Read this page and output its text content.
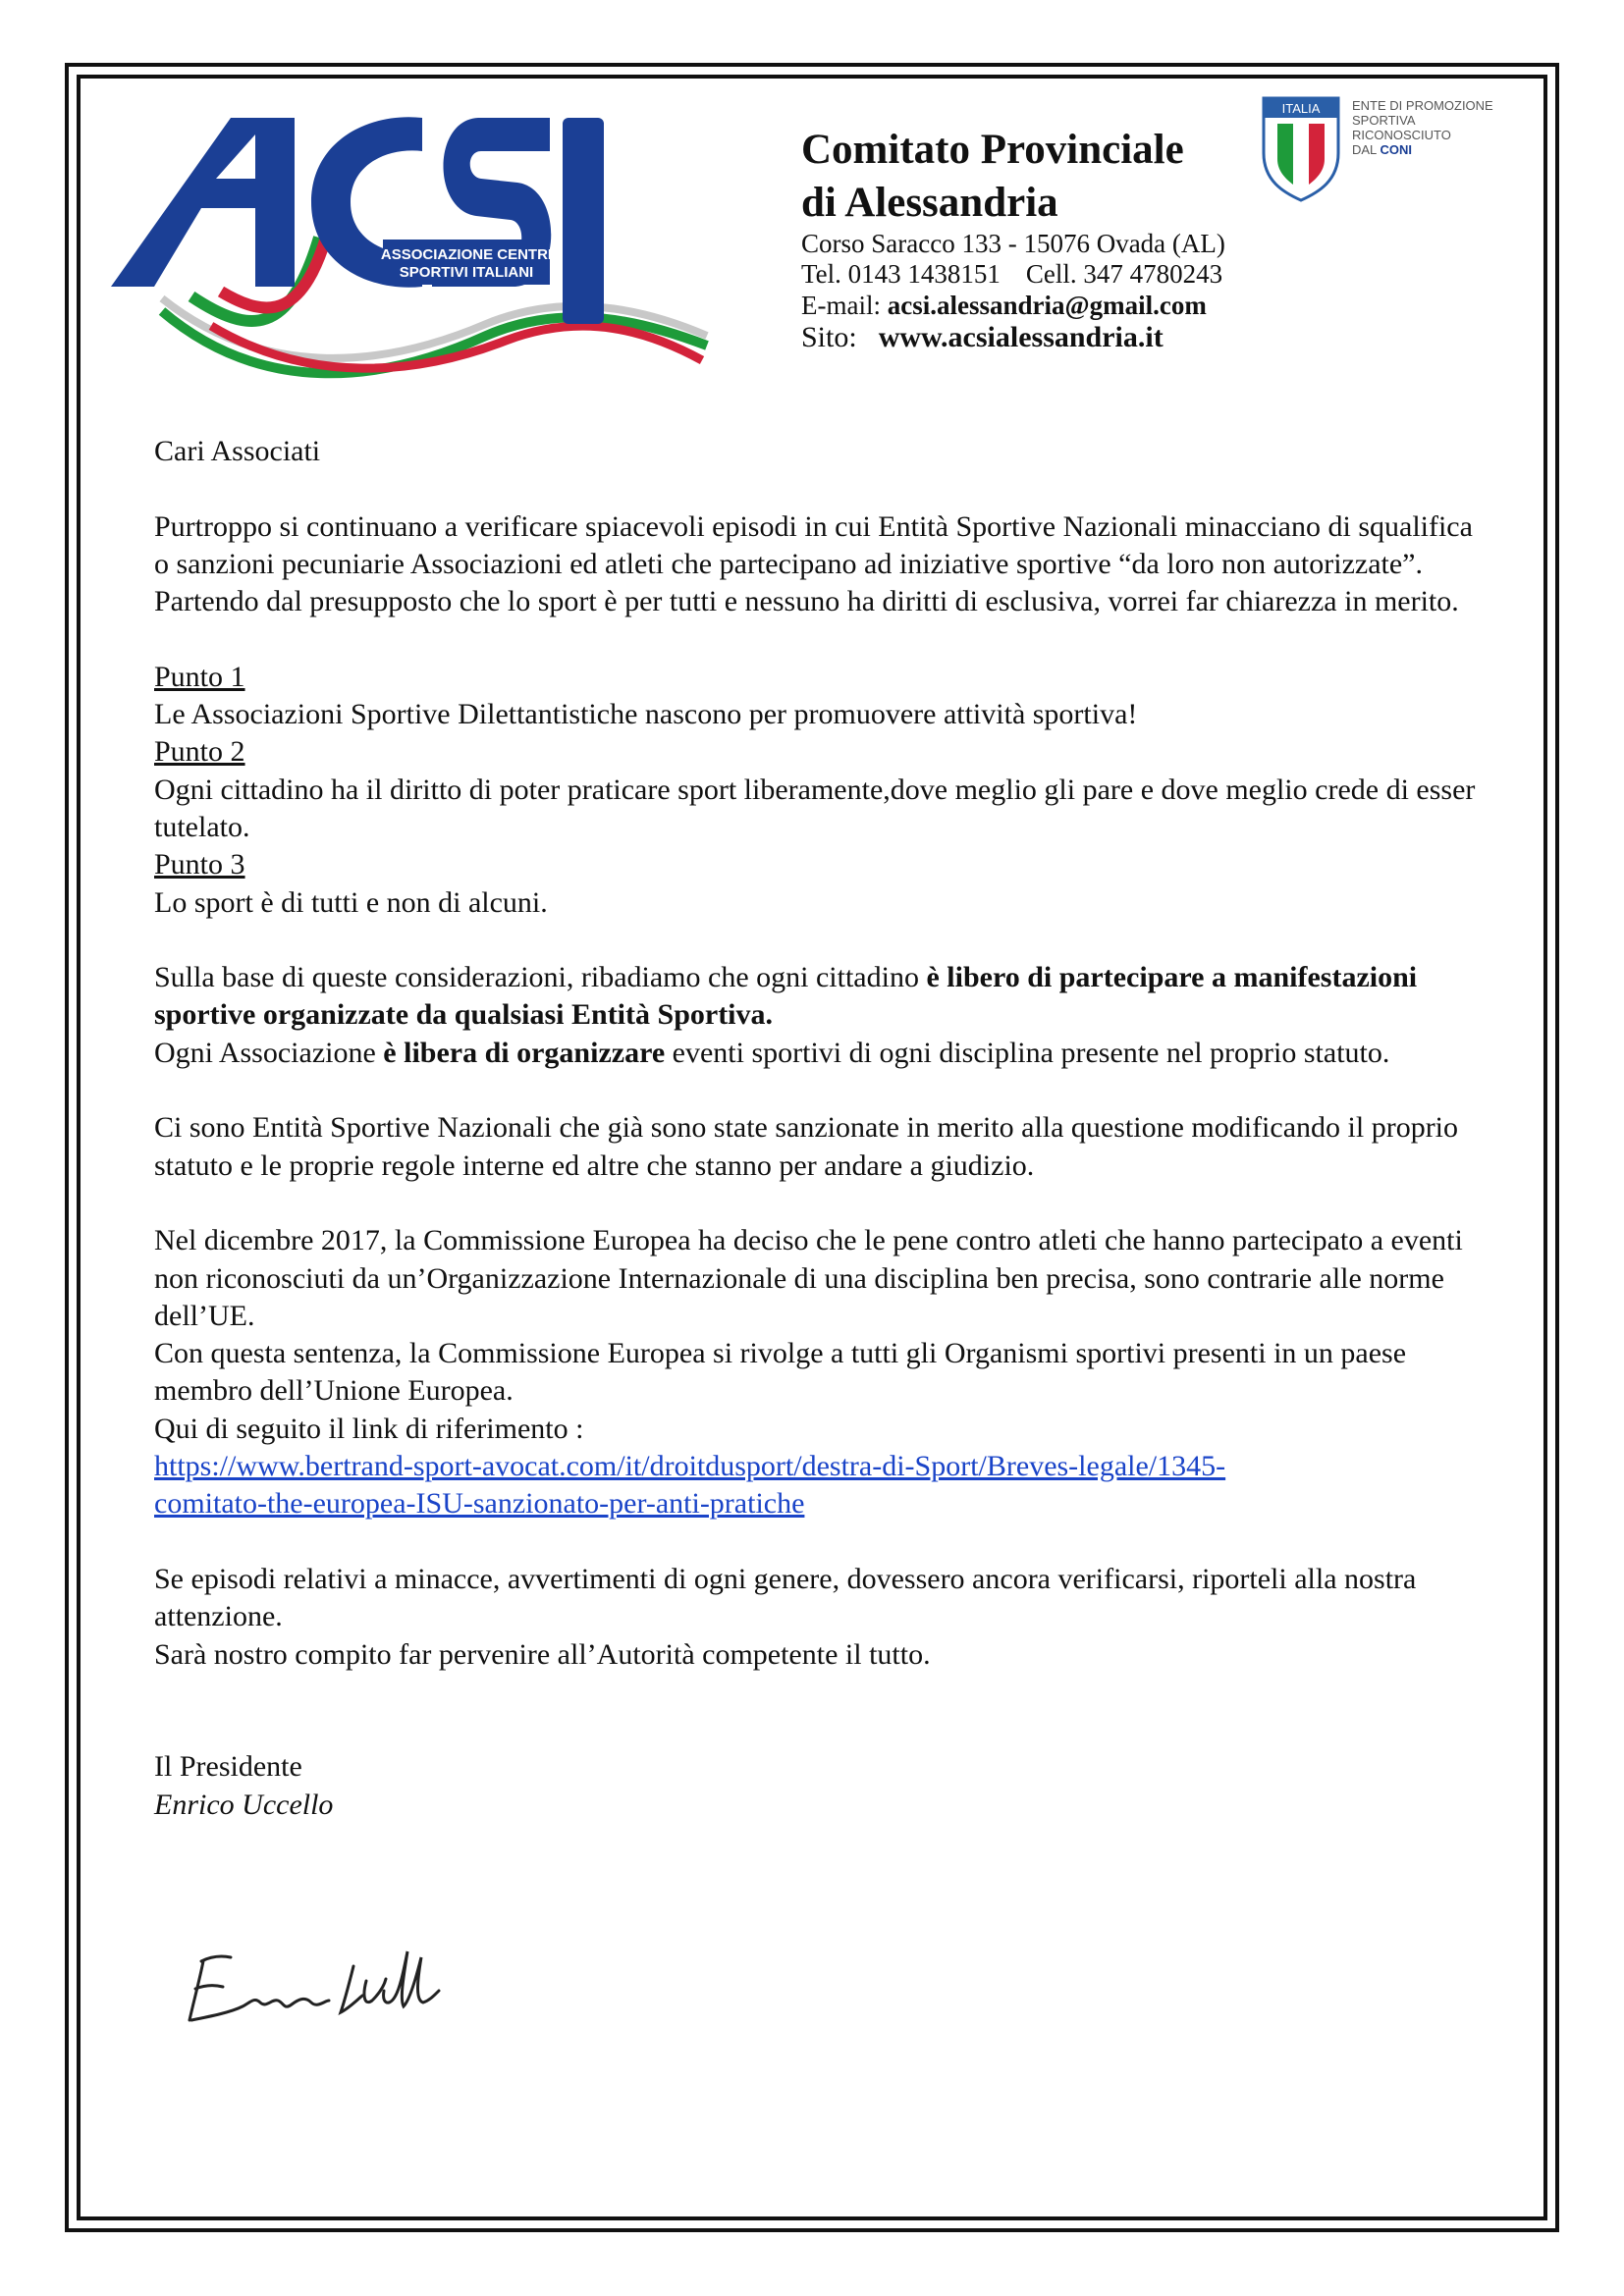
ASSOCIAZIONE CENTRI
SPORTIVI ITALIANI
ITALIA	ENTE DI PROMOZIONE
SPORTIVA
RICONOSCIUTO
DAL CONI
Comitato Provinciale
di Alessandria
Corso Saracco 133 - 15076 Ovada (AL)
Tel. 0143 1438151 Cell. 347 4780243
E-mail: acsi.alessandria@gmail.com
Sito: www.acsialessandria.it

Cari Associati

Purtroppo si continuano a verificare spiacevoli episodi in cui Entità Sportive Nazionali minacciano di squalifica o sanzioni pecuniarie Associazioni ed atleti che partecipano ad iniziative sportive “da loro non autorizzate”.

Partendo dal presupposto che lo sport è per tutti e nessuno ha diritti di esclusiva, vorrei far chiarezza in merito.

Punto 1

Le Associazioni Sportive Dilettantistiche nascono per promuovere attività sportiva!

Punto 2

Ogni cittadino ha il diritto di poter praticare sport liberamente,dove meglio gli pare e dove meglio crede di esser tutelato.

Punto 3

Lo sport è di tutti e non di alcuni.

Sulla base di queste considerazioni, ribadiamo che ogni cittadino è libero di partecipare a manifestazioni sportive organizzate da qualsiasi Entità Sportiva.

Ogni Associazione è libera di organizzare eventi sportivi di ogni disciplina presente nel proprio statuto.

Ci sono Entità Sportive Nazionali che già sono state sanzionate in merito alla questione modificando il proprio statuto e le proprie regole interne ed altre che stanno per andare a giudizio.

Nel dicembre 2017, la Commissione Europea ha deciso che le pene contro atleti che hanno partecipato a eventi non riconosciuti da un’Organizzazione Internazionale di una disciplina ben precisa, sono contrarie alle norme dell’UE.

Con questa sentenza, la Commissione Europea si rivolge a tutti gli Organismi sportivi presenti in un paese membro dell’Unione Europea.

Qui di seguito il link di riferimento :

https://www.bertrand-sport-avocat.com/it/droitdusport/destra-di-Sport/Breves-legale/1345-
comitato-the-europea-ISU-sanzionato-per-anti-pratiche

Se episodi relativi a minacce, avvertimenti di ogni genere, dovessero ancora verificarsi, riporteli alla nostra attenzione.

Sarà nostro compito far pervenire all’Autorità competente il tutto.

Il Presidente

Enrico Uccello
